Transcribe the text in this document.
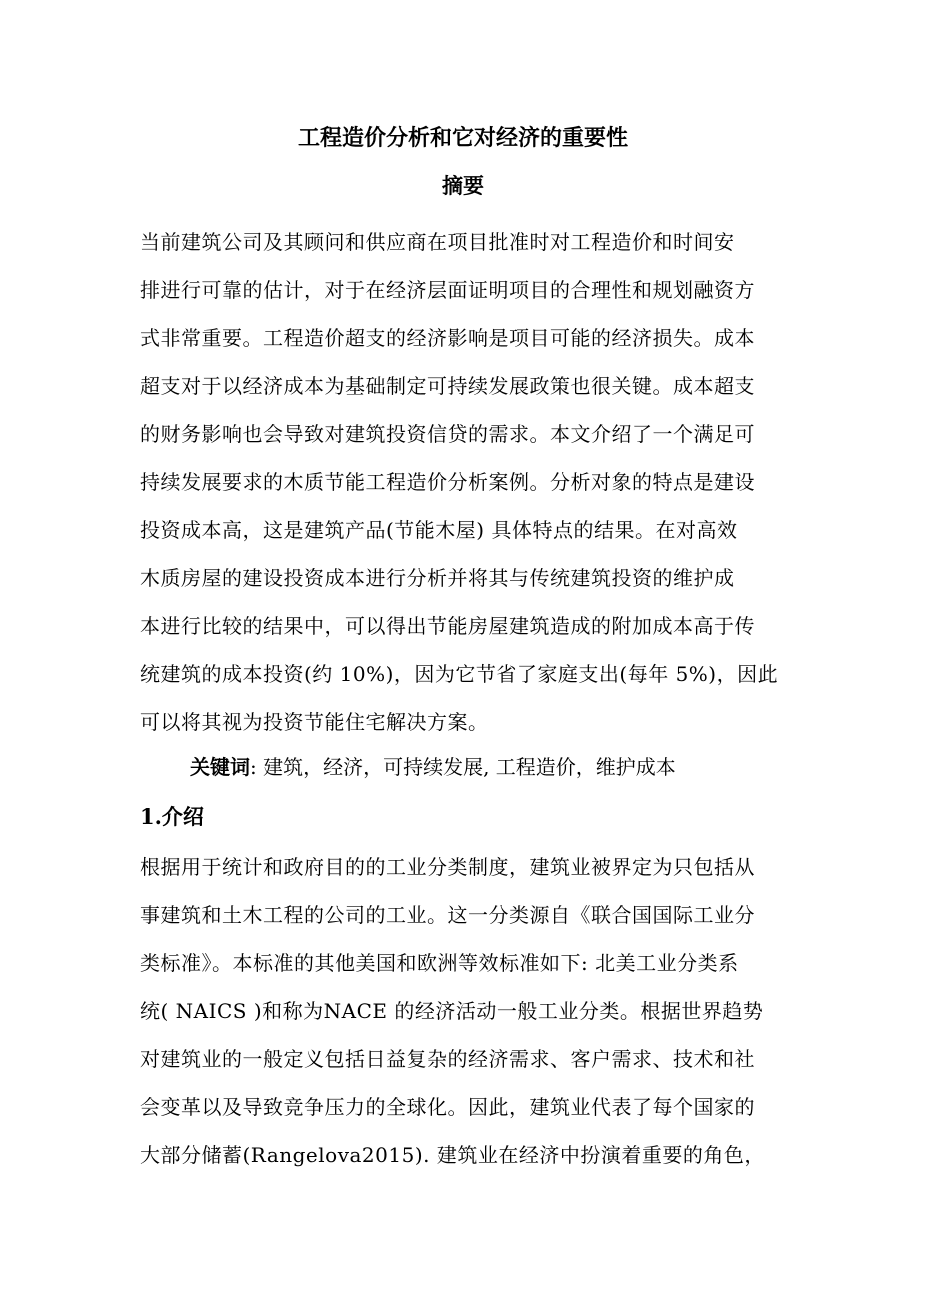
工程造价分析和它对经济的重要性
摘要
当前建筑公司及其顾问和供应商在项目批准时对工程造价和时间安
排进行可靠的估计，对于在经济层面证明项目的合理性和规划融资方
式非常重要。工程造价超支的经济影响是项目可能的经济损失。成本
超支对于以经济成本为基础制定可持续发展政策也很关键。成本超支
的财务影响也会导致对建筑投资信贷的需求。本文介绍了一个满足可
持续发展要求的木质节能工程造价分析案例。分析对象的特点是建设
投资成本高，这是建筑产品(节能木屋) 具体特点的结果。在对高效
木质房屋的建设投资成本进行分析并将其与传统建筑投资的维护成
本进行比较的结果中，可以得出节能房屋建筑造成的附加成本高于传
统建筑的成本投资(约 10%)，因为它节省了家庭支出(每年 5%)，因此
可以将其视为投资节能住宅解决方案。
关键词: 建筑，经济，可持续发展, 工程造价，维护成本
1.介绍
根据用于统计和政府目的的工业分类制度，建筑业被界定为只包括从
事建筑和土木工程的公司的工业。这一分类源自《联合国国际工业分
类标准》。本标准的其他美国和欧洲等效标准如下: 北美工业分类系
统( NAICS )和称为NACE 的经济活动一般工业分类。根据世界趋势
对建筑业的一般定义包括日益复杂的经济需求、客户需求、技术和社
会变革以及导致竞争压力的全球化。因此，建筑业代表了每个国家的
大部分储蓄(Rangelova2015). 建筑业在经济中扮演着重要的角色，
